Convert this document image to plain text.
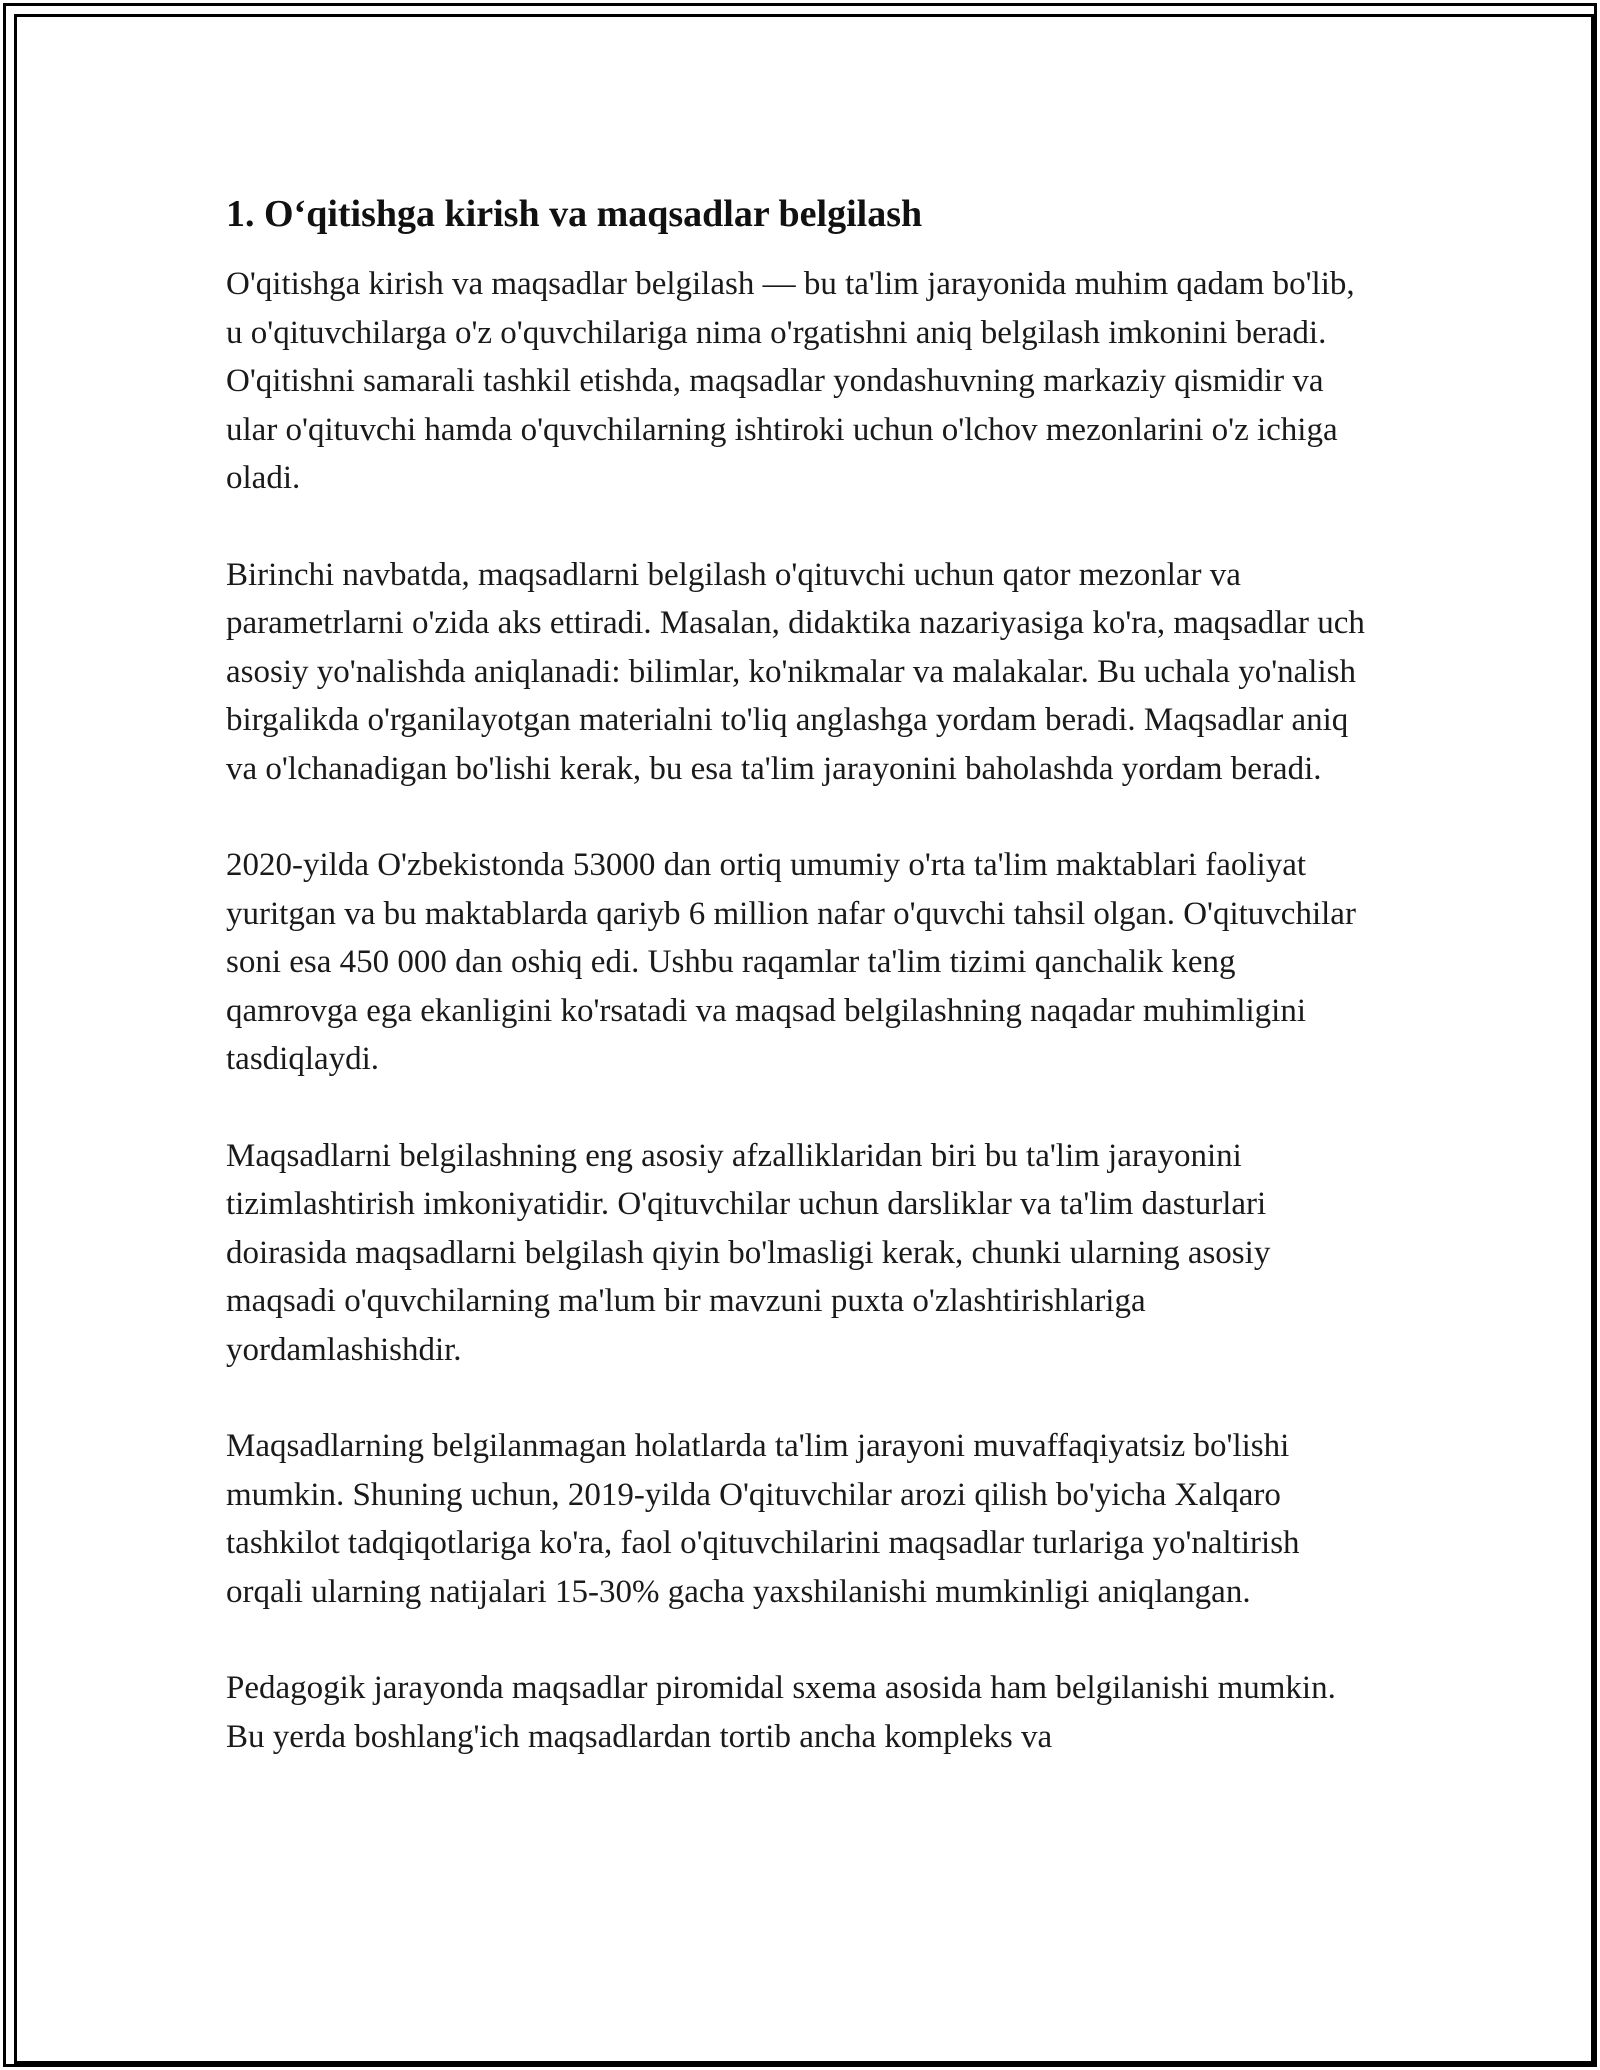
1. O‘qitishga kirish va maqsadlar belgilash

O'qitishga kirish va maqsadlar belgilash — bu ta'lim jarayonida muhim qadam bo'lib, u o'qituvchilarga o'z o'quvchilariga nima o'rgatishni aniq belgilash imkonini beradi. O'qitishni samarali tashkil etishda, maqsadlar yondashuvning markaziy qismidir va ular o'qituvchi hamda o'quvchilarning ishtiroki uchun o'lchov mezonlarini o'z ichiga oladi.

Birinchi navbatda, maqsadlarni belgilash o'qituvchi uchun qator mezonlar va parametrlarni o'zida aks ettiradi. Masalan, didaktika nazariyasiga ko'ra, maqsadlar uch asosiy yo'nalishda aniqlanadi: bilimlar, ko'nikmalar va malakalar. Bu uchala yo'nalish birgalikda o'rganilayotgan materialni to'liq anglashga yordam beradi. Maqsadlar aniq va o'lchanadigan bo'lishi kerak, bu esa ta'lim jarayonini baholashda yordam beradi.

2020-yilda O'zbekistonda 53000 dan ortiq umumiy o'rta ta'lim maktablari faoliyat yuritgan va bu maktablarda qariyb 6 million nafar o'quvchi tahsil olgan. O'qituvchilar soni esa 450 000 dan oshiq edi. Ushbu raqamlar ta'lim tizimi qanchalik keng qamrovga ega ekanligini ko'rsatadi va maqsad belgilashning naqadar muhimligini tasdiqlaydi.

Maqsadlarni belgilashning eng asosiy afzalliklaridan biri bu ta'lim jarayonini tizimlashtirish imkoniyatidir. O'qituvchilar uchun darsliklar va ta'lim dasturlari doirasida maqsadlarni belgilash qiyin bo'lmasligi kerak, chunki ularning asosiy maqsadi o'quvchilarning ma'lum bir mavzuni puxta o'zlashtirishlariga yordamlashishdir.

Maqsadlarning belgilanmagan holatlarda ta'lim jarayoni muvaffaqiyatsiz bo'lishi mumkin. Shuning uchun, 2019-yilda O'qituvchilar arozi qilish bo'yicha Xalqaro tashkilot tadqiqotlariga ko'ra, faol o'qituvchilarini maqsadlar turlariga yo'naltirish orqali ularning natijalari 15-30% gacha yaxshilanishi mumkinligi aniqlangan.

Pedagogik jarayonda maqsadlar piromidal sxema asosida ham belgilanishi mumkin. Bu yerda boshlang'ich maqsadlardan tortib ancha kompleks va
